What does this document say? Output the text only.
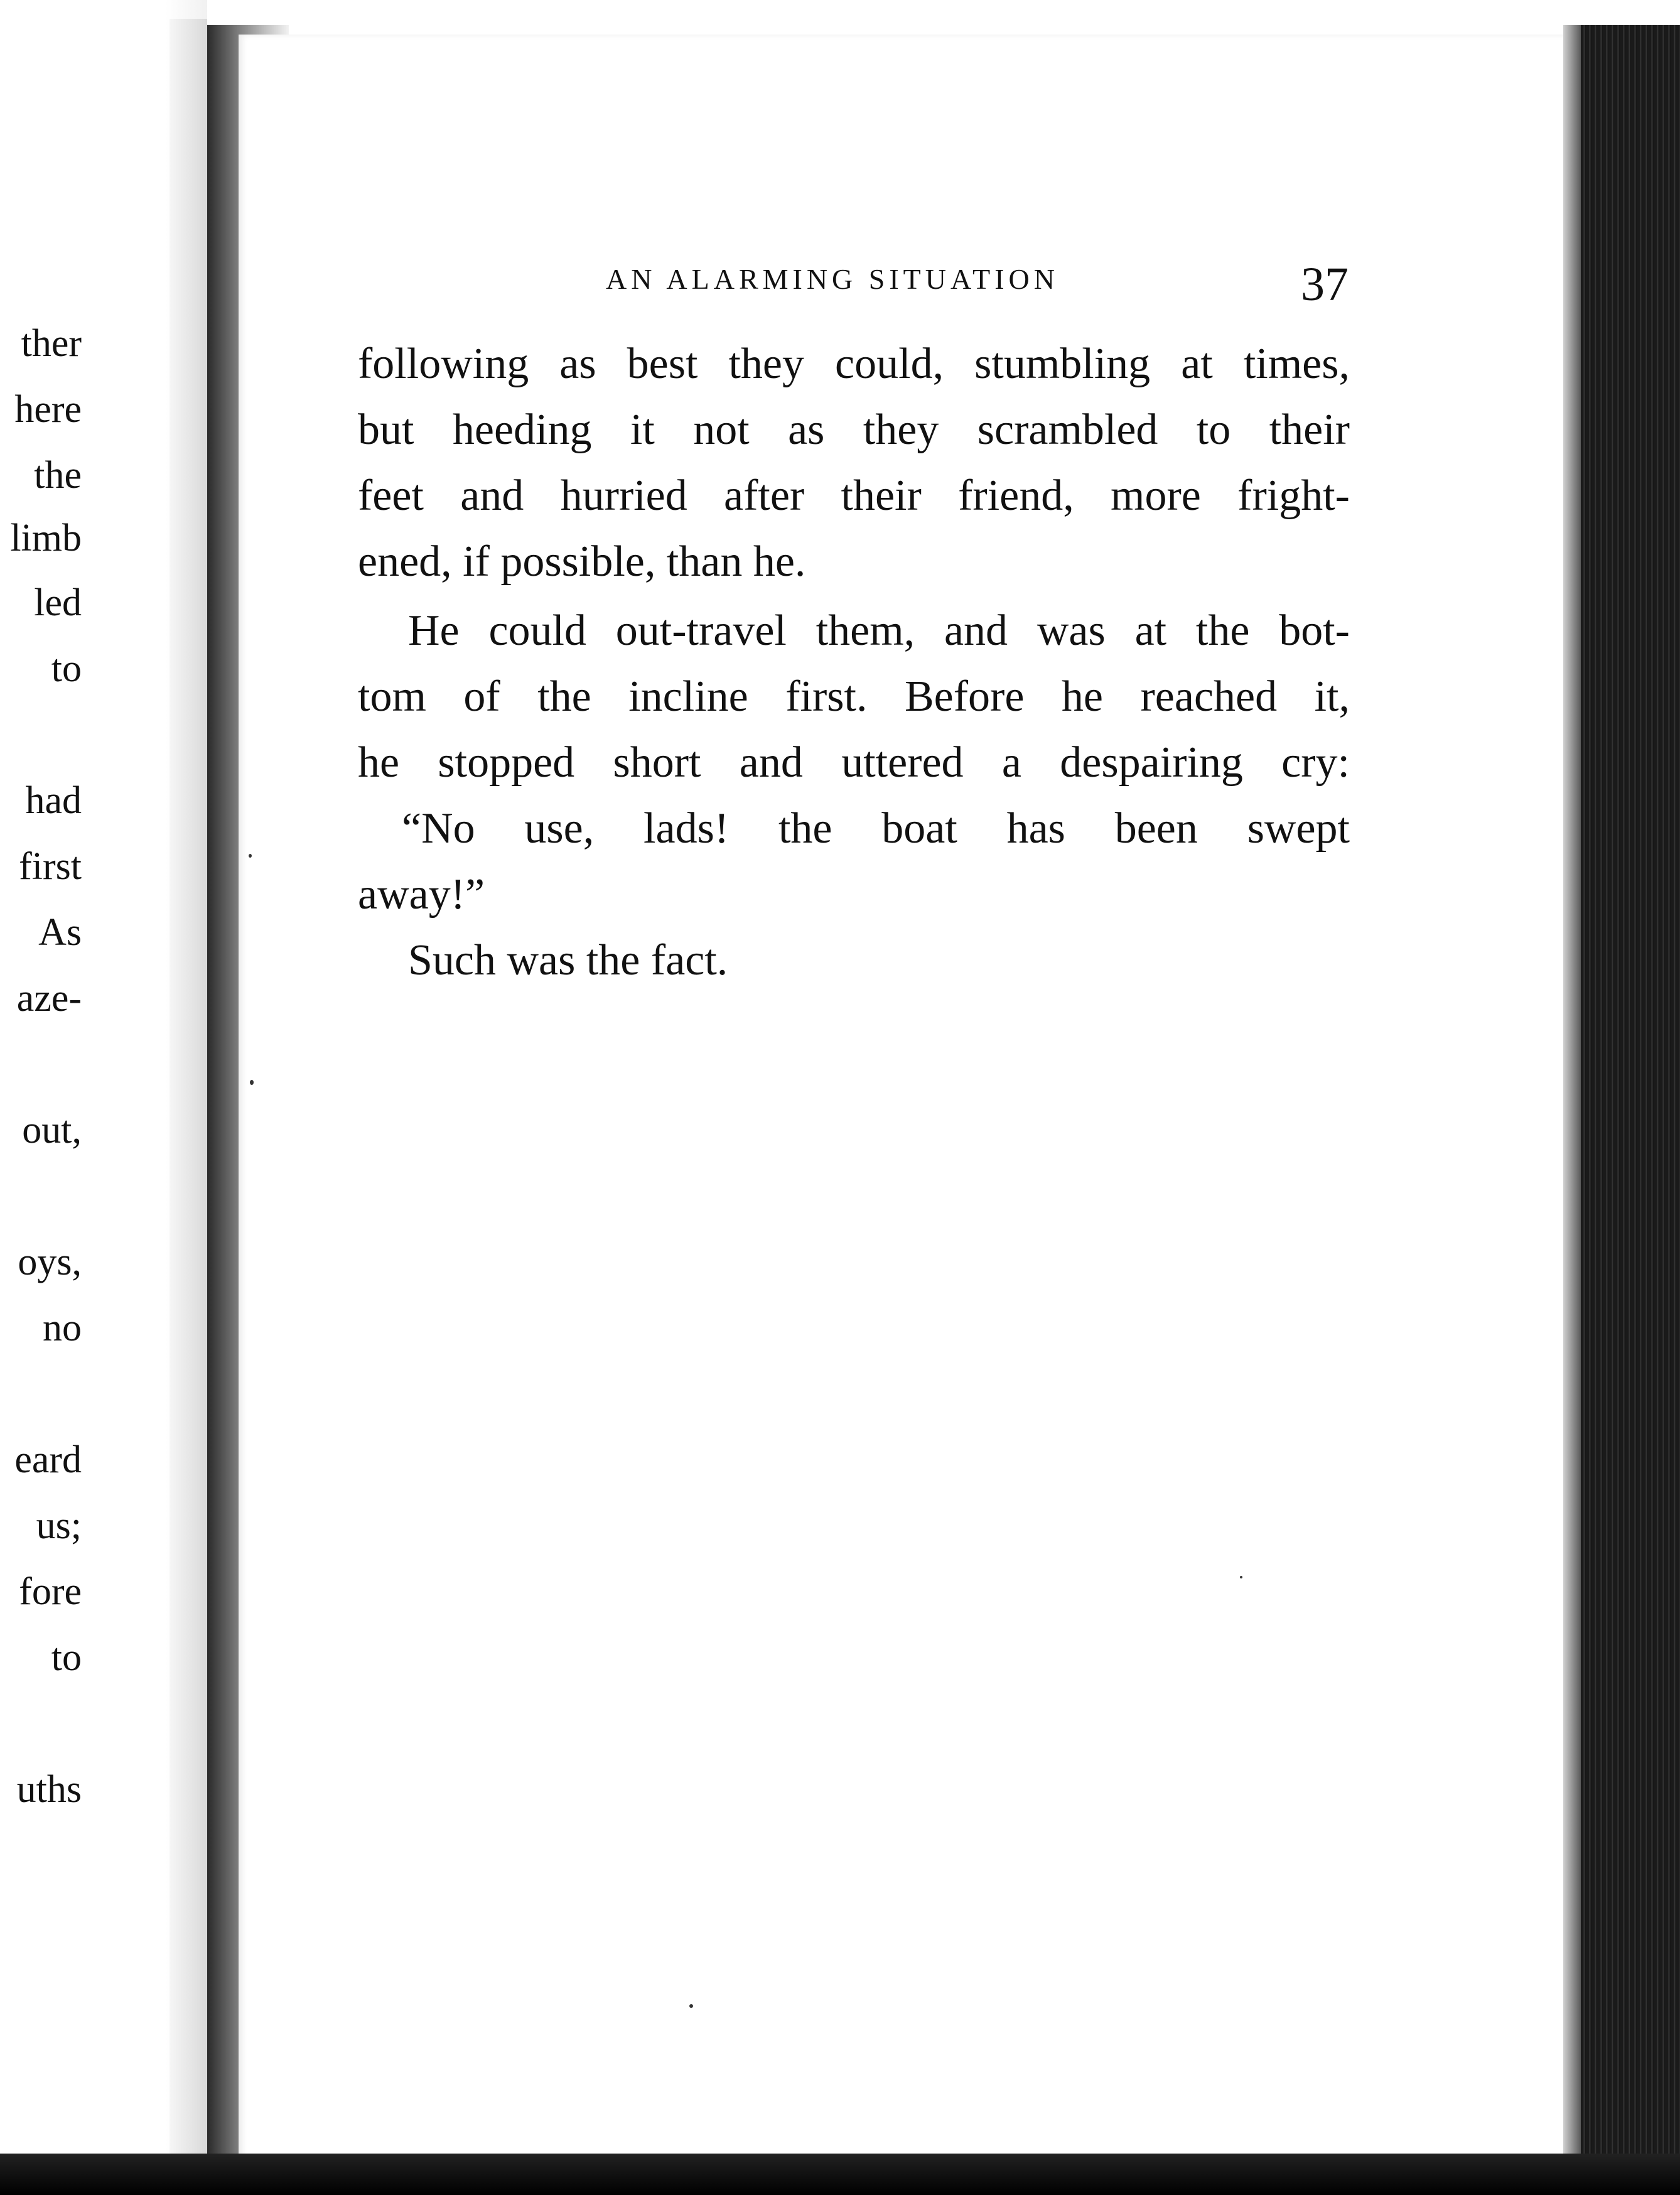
ther
here
the
limb
led
to
had
first
As
aze-
out,
oys,
no
eard
us;
fore
to
uths
AN ALARMING SITUATION	37
following as best they could, stumbling at times,
but heeding it not as they scrambled to their
feet and hurried after their friend, more fright-
ened, if possible, than he.
He could out-travel them, and was at the bot-
tom of the incline first. Before he reached it,
he stopped short and uttered a despairing cry:
“No use, lads! the boat has been swept
away!”
Such was the fact.
